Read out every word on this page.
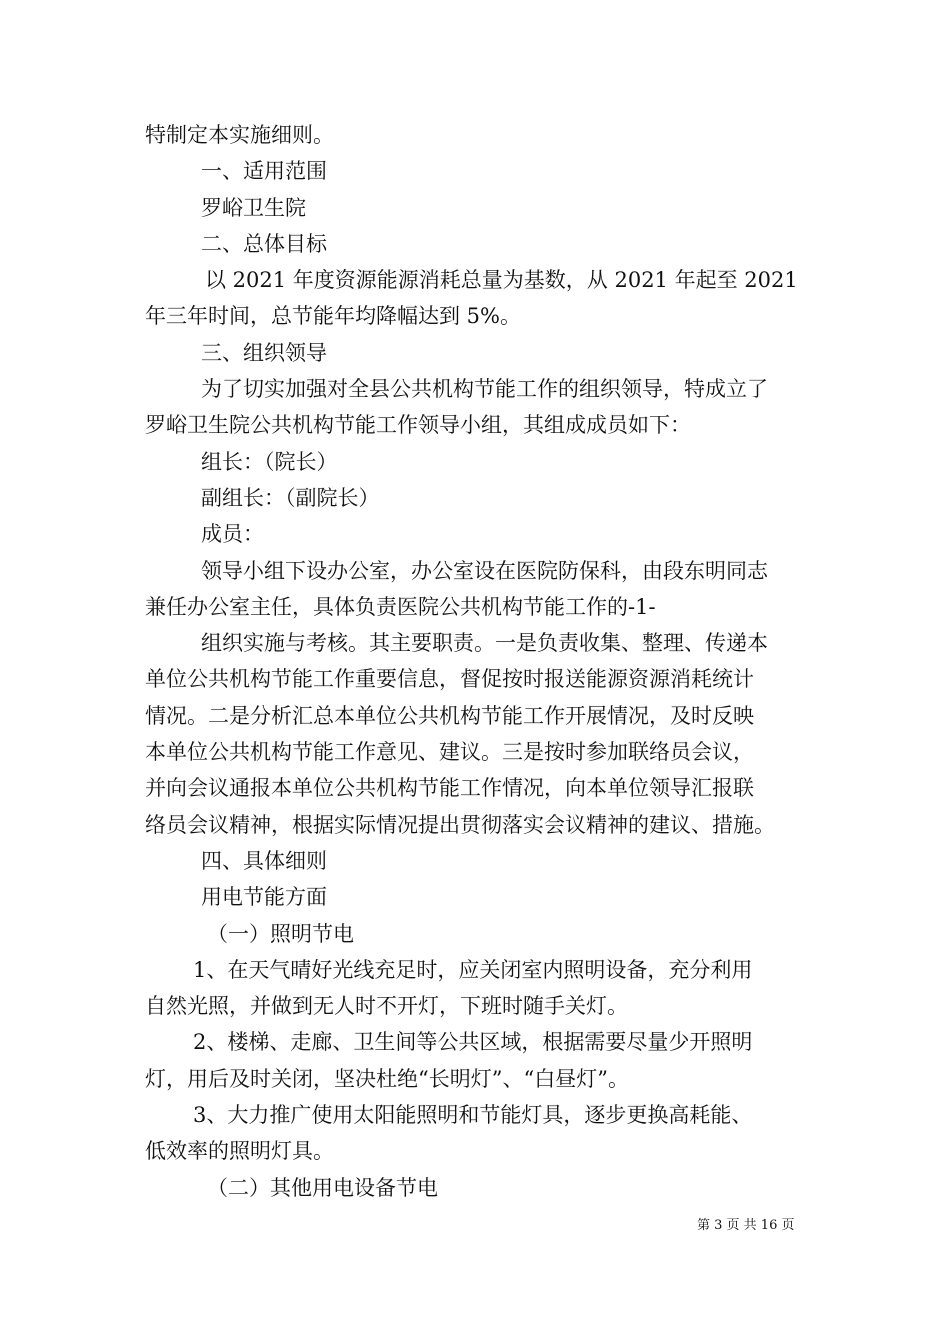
特制定本实施细则。
一、适用范围
罗峪卫生院
二、总体目标
以 2021 年度资源能源消耗总量为基数，从 2021 年起至 2021
年三年时间，总节能年均降幅达到 5%。
三、组织领导
为了切实加强对全县公共机构节能工作的组织领导，特成立了
罗峪卫生院公共机构节能工作领导小组，其组成成员如下：
组长：（院长）
副组长：（副院长）
成员：
领导小组下设办公室，办公室设在医院防保科，由段东明同志
兼任办公室主任，具体负责医院公共机构节能工作的-1-
组织实施与考核。其主要职责。一是负责收集、整理、传递本
单位公共机构节能工作重要信息，督促按时报送能源资源消耗统计
情况。二是分析汇总本单位公共机构节能工作开展情况，及时反映
本单位公共机构节能工作意见、建议。三是按时参加联络员会议，
并向会议通报本单位公共机构节能工作情况，向本单位领导汇报联
络员会议精神，根据实际情况提出贯彻落实会议精神的建议、措施。
四、具体细则
用电节能方面
（一）照明节电
1、在天气晴好光线充足时，应关闭室内照明设备，充分利用
自然光照，并做到无人时不开灯，下班时随手关灯。
2、楼梯、走廊、卫生间等公共区域，根据需要尽量少开照明
灯，用后及时关闭，坚决杜绝“长明灯”、“白昼灯”。
3、大力推广使用太阳能照明和节能灯具，逐步更换高耗能、
低效率的照明灯具。
（二）其他用电设备节电
第 3 页 共 16 页
